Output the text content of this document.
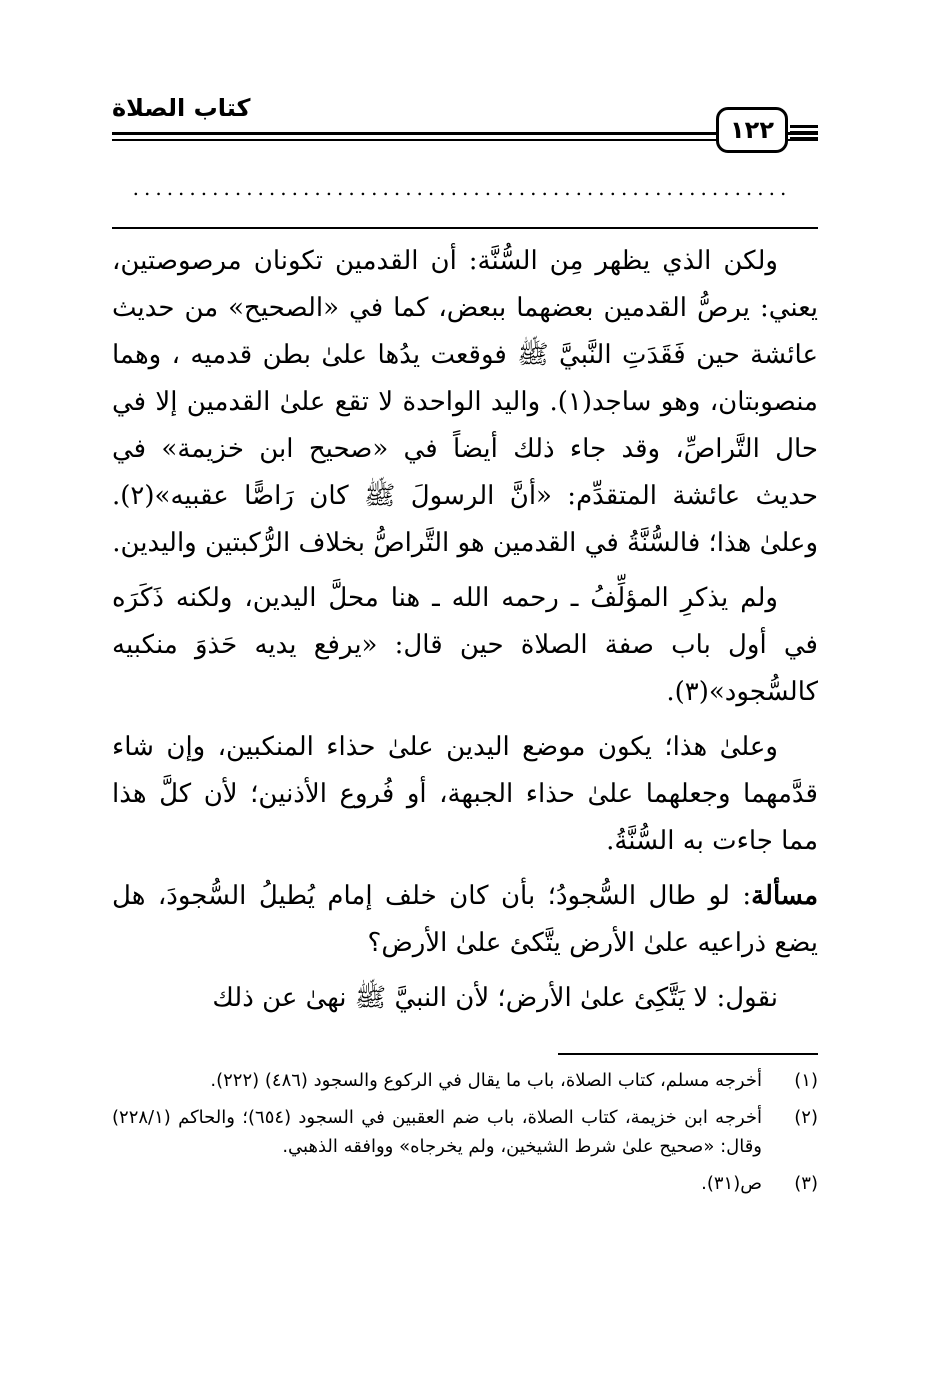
كتاب الصلاة
١٢٢
..........................................................

ولكن الذي يظهر مِن السُّنَّة: أن القدمين تكونان مرصوصتين، يعني: يرصُّ القدمين بعضهما ببعض، كما في «الصحيح» من حديث عائشة حين فَقَدَتِ النَّبيَّ ﷺ فوقعت يدُها علىٰ بطن قدميه ، وهما منصوبتان، وهو ساجد(١). واليد الواحدة لا تقع علىٰ القدمين إلا في حال التَّراصِّ، وقد جاء ذلك أيضاً في «صحيح ابن خزيمة» في حديث عائشة المتقدِّم: «أنَّ الرسولَ ﷺ كان رَاصًّا عقبيه»(٢). وعلىٰ هذا؛ فالسُّنَّةُ في القدمين هو التَّراصُّ بخلاف الرُّكبتين واليدين.

ولم يذكرِ المؤلِّفُ ـ رحمه الله ـ هنا محلَّ اليدين، ولكنه ذَكَرَه في أول باب صفة الصلاة حين قال: «يرفع يديه حَذوَ منكبيه كالسُّجود»(٣).

وعلىٰ هذا؛ يكون موضع اليدين علىٰ حذاء المنكبين، وإن شاء قدَّمهما وجعلهما علىٰ حذاء الجبهة، أو فُروع الأذنين؛ لأن كلَّ هذا مما جاءت به السُّنَّةُ.

مسألة: لو طال السُّجودُ؛ بأن كان خلف إمام يُطيلُ السُّجودَ، هل يضع ذراعيه علىٰ الأرض يتَّكئ علىٰ الأرض؟

نقول: لا يَتَّكِئ علىٰ الأرض؛ لأن النبيَّ ﷺ نهىٰ عن ذلك

(١)
أخرجه مسلم، كتاب الصلاة، باب ما يقال في الركوع والسجود (٤٨٦) (٢٢٢).
(٢)
أخرجه ابن خزيمة، كتاب الصلاة، باب ضم العقبين في السجود (٦٥٤)؛ والحاكم (٢٢٨/١) وقال: «صحيح علىٰ شرط الشيخين، ولم يخرجاه» ووافقه الذهبي.
(٣)
ص(٣١).
